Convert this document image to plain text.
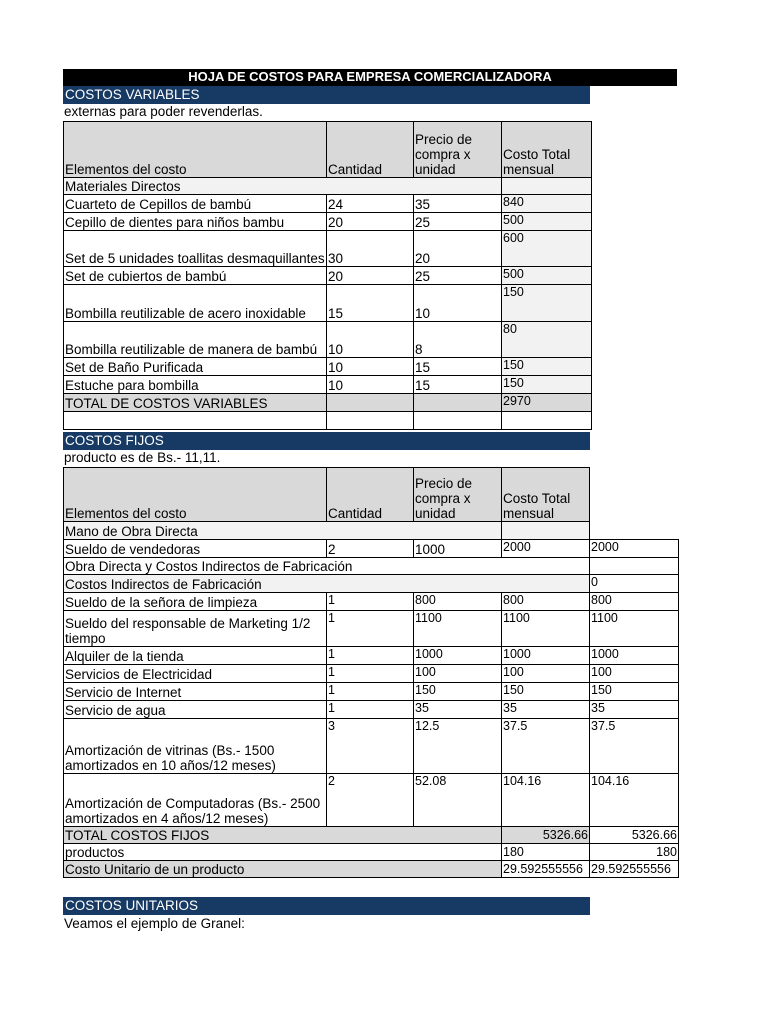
HOJA DE COSTOS PARA EMPRESA COMERCIALIZADORA
COSTOS VARIABLES
externas para poder revenderlas.
Elementos del costo	Cantidad	Precio de compra x unidad	Costo Total mensual
Materiales Directos			
Cuarteto de Cepillos de bambú	24	35	840
Cepillo de dientes para niños bambu	20	25	500
Set de 5 unidades toallitas desmaquillantes	30	20	600
Set de cubiertos de bambú	20	25	500
Bombilla reutilizable de acero inoxidable	15	10	150
Bombilla reutilizable de manera de bambú	10	8	80
Set de Baño Purificada	10	15	150
Estuche para bombilla	10	15	150
TOTAL DE COSTOS VARIABLES			2970

COSTOS FIJOS
producto es de Bs.- 11,11.
Elementos del costo	Cantidad	Precio de compra x unidad	Costo Total mensual	
Mano de Obra Directa				
Sueldo de vendedoras	2	1000	2000	2000
Obra Directa y Costos Indirectos de Fabricación				
Costos Indirectos de Fabricación				0
Sueldo de la señora de limpieza	1	800	800	800
Sueldo del responsable de Marketing 1/2 tiempo	1	1100	1100	1100
Alquiler de la tienda	1	1000	1000	1000
Servicios de Electricidad	1	100	100	100
Servicio de Internet	1	150	150	150
Servicio de agua	1	35	35	35
Amortización de vitrinas (Bs.- 1500 amortizados en 10 años/12 meses)	3	12.5	37.5	37.5
Amortización de Computadoras (Bs.- 2500 amortizados en 4 años/12 meses)	2	52.08	104.16	104.16
TOTAL COSTOS FIJOS			5326.66	5326.66
productos			180	180
Costo Unitario de un producto			29.592555556	29.592555556
COSTOS UNITARIOS
Veamos el ejemplo de Granel:
